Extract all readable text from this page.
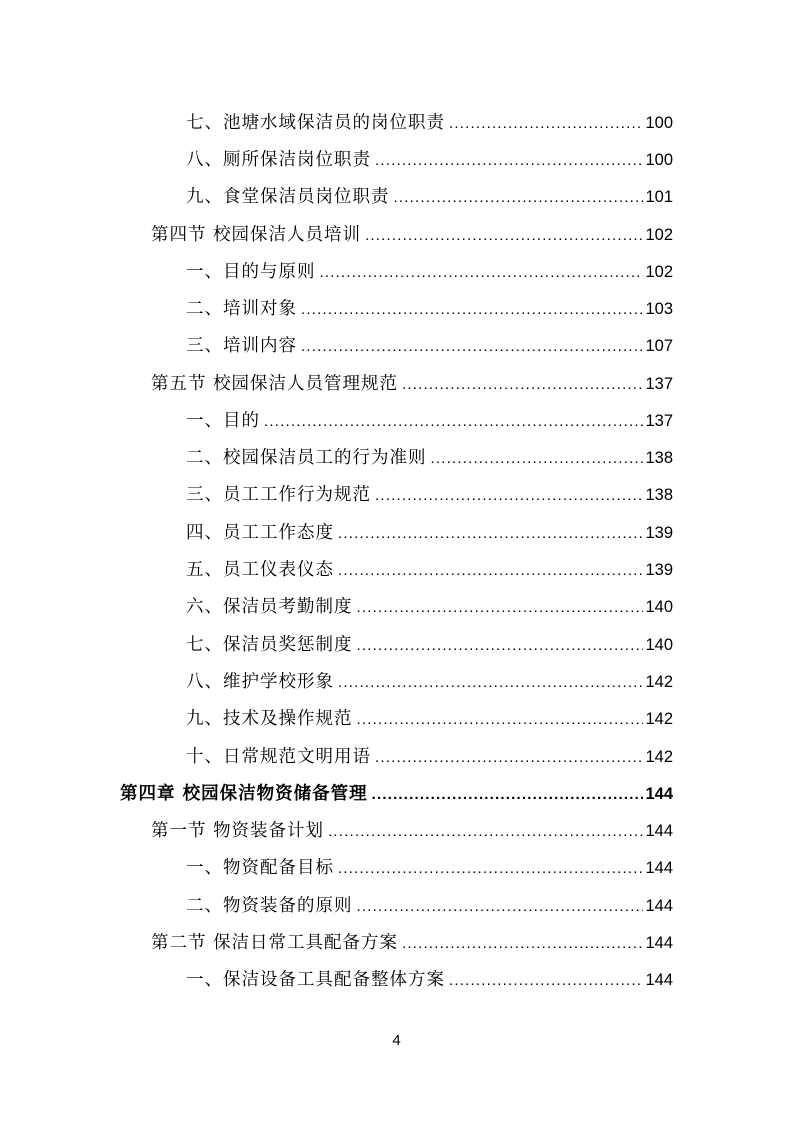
七、池塘水域保洁员的岗位职责 .....	100
八、厕所保洁岗位职责 .....	100
九、食堂保洁员岗位职责 .....	101
第四节 校园保洁人员培训 .....	102
一、目的与原则 .....	102
二、培训对象 .....	103
三、培训内容 .....	107
第五节 校园保洁人员管理规范 .....	137
一、目的 .....	137
二、校园保洁员工的行为准则 .....	138
三、员工工作行为规范 .....	138
四、员工工作态度 .....	139
五、员工仪表仪态 .....	139
六、保洁员考勤制度 .....	140
七、保洁员奖惩制度 .....	140
八、维护学校形象 .....	142
九、技术及操作规范 .....	142
十、日常规范文明用语 .....	142
第四章 校园保洁物资储备管理 .....	144
第一节 物资装备计划 .....	144
一、物资配备目标 .....	144
二、物资装备的原则 .....	144
第二节 保洁日常工具配备方案 .....	144
一、保洁设备工具配备整体方案 .....	144
4
